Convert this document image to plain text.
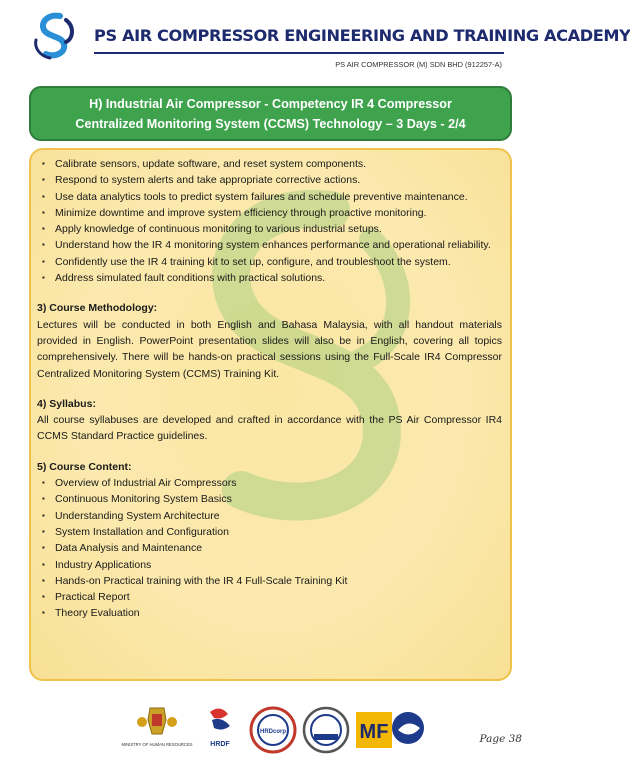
PS AIR COMPRESSOR ENGINEERING AND TRAINING ACADEMY
PS AIR COMPRESSOR (M) SDN BHD (912257-A)
H) Industrial Air Compressor - Competency IR 4 Compressor
Centralized Monitoring System (CCMS) Technology – 3 Days - 2/4
▪ Calibrate sensors, update software, and reset system components.
▪ Respond to system alerts and take appropriate corrective actions.
▪ Use data analytics tools to predict system failures and schedule preventive maintenance.
▪ Minimize downtime and improve system efficiency through proactive monitoring.
▪ Apply knowledge of continuous monitoring to various industrial setups.
▪ Understand how the IR 4 monitoring system enhances performance and operational reliability.
▪ Confidently use the IR 4 training kit to set up, configure, and troubleshoot the system.
▪ Address simulated fault conditions with practical solutions.
3) Course Methodology:
Lectures will be conducted in both English and Bahasa Malaysia, with all handout materials provided in English. PowerPoint presentation slides will also be in English, covering all topics comprehensively. There will be hands-on practical sessions using the Full-Scale IR4 Compressor Centralized Monitoring System (CCMS) Training Kit.
4) Syllabus:
All course syllabuses are developed and crafted in accordance with the PS Air Compressor IR4 CCMS Standard Practice guidelines.
5) Course Content:
▪ Overview of Industrial Air Compressors
▪ Continuous Monitoring System Basics
▪ Understanding System Architecture
▪ System Installation and Configuration
▪ Data Analysis and Maintenance
▪ Industry Applications
▪ Hands-on Practical training with the IR 4 Full-Scale Training Kit
▪ Practical Report
▪ Theory Evaluation
MINISTRY OF HUMAN RESOURCES	HRDF
HRDcorp	MF	Page 38
